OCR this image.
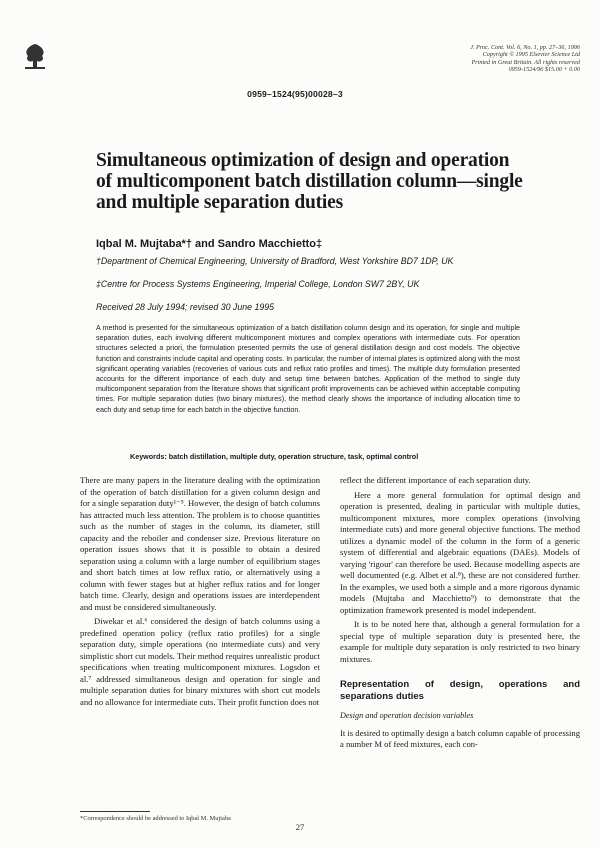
J. Proc. Cont. Vol. 6, No. 1, pp. 27–36, 1996
Copyright © 1995 Elsevier Science Ltd
Printed in Great Britain. All rights reserved
0959-1524/96 $15.00 + 0.00
0959–1524(95)00028–3
Simultaneous optimization of design and operation of multicomponent batch distillation column—single and multiple separation duties
Iqbal M. Mujtaba*† and Sandro Macchietto‡
†Department of Chemical Engineering, University of Bradford, West Yorkshire BD7 1DP, UK
‡Centre for Process Systems Engineering, Imperial College, London SW7 2BY, UK
Received 28 July 1994; revised 30 June 1995
A method is presented for the simultaneous optimization of a batch distillation column design and its operation, for single and multiple separation duties, each involving different multicomponent mixtures and complex operations with intermediate cuts. For operation structures selected a priori, the formulation presented permits the use of general distillation design and cost models. The objective function and constraints include capital and operating costs. In particular, the number of internal plates is optimized along with the most significant operating variables (recoveries of various cuts and reflux ratio profiles and times). The multiple duty formulation presented accounts for the different importance of each duty and setup time between batches. Application of the method to single duty multicomponent separation from the literature shows that significant profit improvements can be achieved within acceptable computing times. For multiple separation duties (two binary mixtures), the method clearly shows the importance of including allocation time to each duty and setup time for each batch in the objective function.
Keywords: batch distillation, multiple duty, operation structure, task, optimal control

There are many papers in the literature dealing with the optimization of the operation of batch distillation for a given column design and for a single separation duty¹⁻⁵. However, the design of batch columns has attracted much less attention. The problem is to choose quantities such as the number of stages in the column, its diameter, still capacity and the reboiler and condenser size. Previous literature on operation issues shows that it is possible to obtain a desired separation using a column with a large number of equilibrium stages and short batch times at low reflux ratio, or alternatively using a column with fewer stages but at higher reflux ratios and for longer batch time. Clearly, design and operations issues are interdependent and must be considered simultaneously.

Diwekar et al.⁶ considered the design of batch columns using a predefined operation policy (reflux ratio profiles) for a single separation duty, simple operations (no intermediate cuts) and very simplistic short cut models. Their method requires unrealistic product specifications when treating multicomponent mixtures. Logsdon et al.⁷ addressed simultaneous design and operation for single and multiple separation duties for binary mixtures with short cut models and no allowance for intermediate cuts. Their profit function does not

reflect the different importance of each separation duty.

Here a more general formulation for optimal design and operation is presented, dealing in particular with multiple duties, multicomponent mixtures, more complex operations (involving intermediate cuts) and more general objective functions. The method utilizes a dynamic model of the column in the form of a generic system of differential and algebraic equations (DAEs). Models of varying 'rigour' can therefore be used. Because modelling aspects are well documented (e.g. Albet et al.⁸), these are not considered further. In the examples, we used both a simple and a more rigorous dynamic models (Mujtaba and Macchietto⁹) to demonstrate that the optimization framework presented is model independent.

It is to be noted here that, although a general formulation for a special type of multiple separation duty is presented here, the example for multiple duty separation is only restricted to two binary mixtures.

Representation of design, operations and separations duties
Design and operation decision variables

It is desired to optimally design a batch column capable of processing a number M of feed mixtures, each con-

*Correspondence should be addressed to Iqbal M. Mujtaba
27
